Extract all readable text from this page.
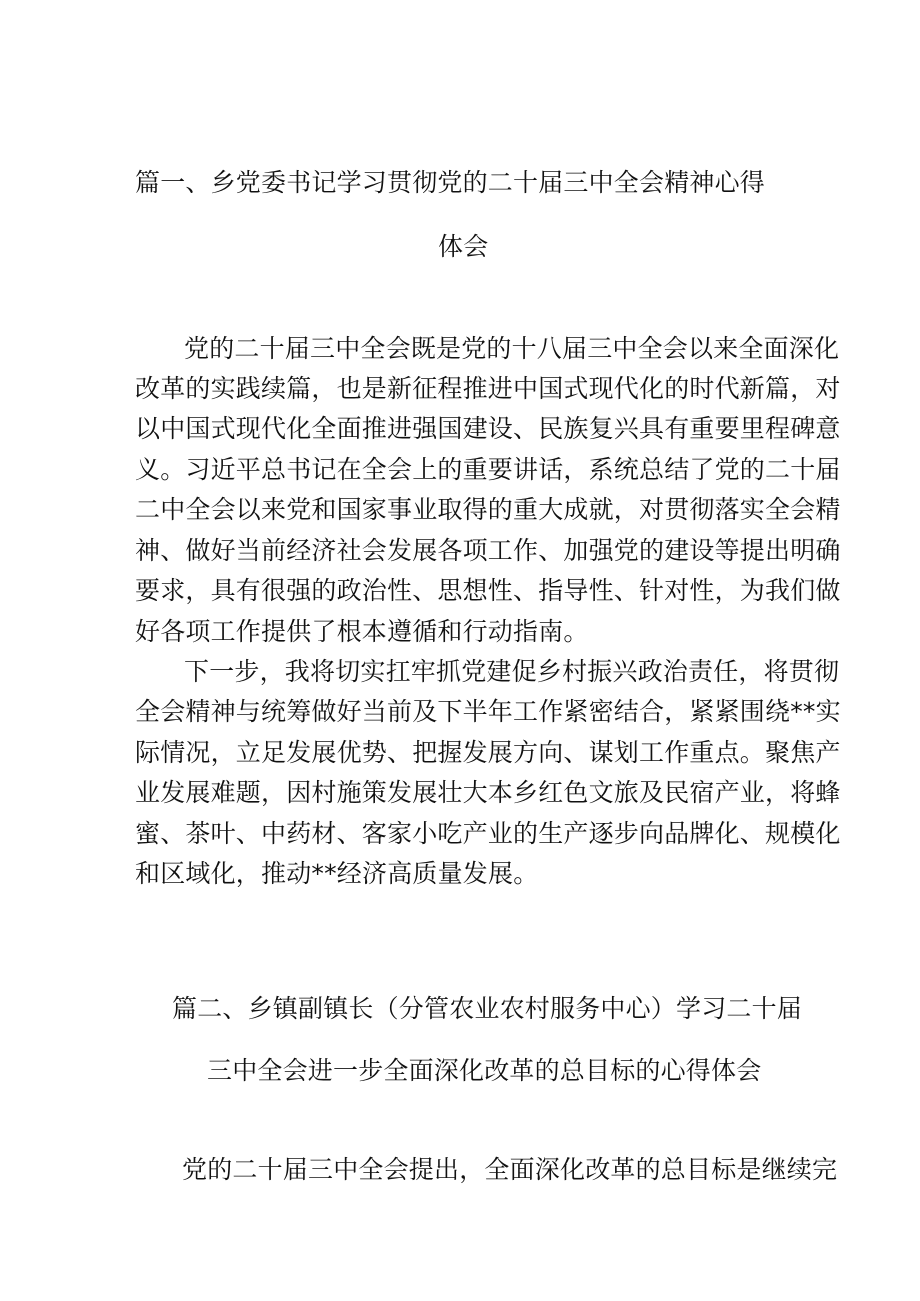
篇一、乡党委书记学习贯彻党的二十届三中全会精神心得
体会
党的二十届三中全会既是党的十八届三中全会以来全面深化
改革的实践续篇，也是新征程推进中国式现代化的时代新篇，对
以中国式现代化全面推进强国建设、民族复兴具有重要里程碑意
义。习近平总书记在全会上的重要讲话，系统总结了党的二十届
二中全会以来党和国家事业取得的重大成就，对贯彻落实全会精
神、做好当前经济社会发展各项工作、加强党的建设等提出明确
要求，具有很强的政治性、思想性、指导性、针对性，为我们做
好各项工作提供了根本遵循和行动指南。
下一步，我将切实扛牢抓党建促乡村振兴政治责任，将贯彻
全会精神与统筹做好当前及下半年工作紧密结合，紧紧围绕**实
际情况，立足发展优势、把握发展方向、谋划工作重点。聚焦产
业发展难题，因村施策发展壮大本乡红色文旅及民宿产业，将蜂
蜜、茶叶、中药材、客家小吃产业的生产逐步向品牌化、规模化
和区域化，推动**经济高质量发展。
篇二、乡镇副镇长（分管农业农村服务中心）学习二十届
三中全会进一步全面深化改革的总目标的心得体会
党的二十届三中全会提出，全面深化改革的总目标是继续完
